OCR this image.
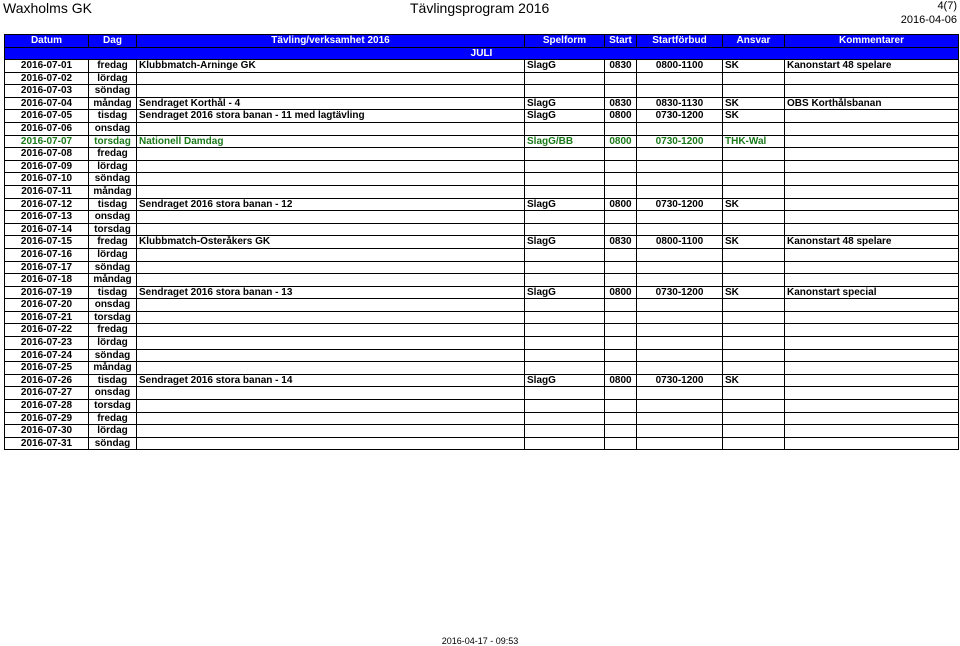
Waxholms GK	Tävlingsprogram 2016	4(7)
2016-04-06
Datum	Dag	Tävling/verksamhet 2016	Spelform	Start	Startförbud	Ansvar	Kommentarer
JULI							
2016-07-01	fredag	Klubbmatch-Arninge GK	SlagG	0830	0800-1100	SK	Kanonstart 48 spelare
2016-07-02	lördag						
2016-07-03	söndag						
2016-07-04	måndag	Sendraget Korthål - 4	SlagG	0830	0830-1130	SK	OBS Korthålsbanan
2016-07-05	tisdag	Sendraget 2016 stora banan - 11 med lagtävling	SlagG	0800	0730-1200	SK	
2016-07-06	onsdag						
2016-07-07	torsdag	Nationell Damdag	SlagG/BB	0800	0730-1200	THK-Wal	
2016-07-08	fredag						
2016-07-09	lördag						
2016-07-10	söndag						
2016-07-11	måndag						
2016-07-12	tisdag	Sendraget 2016 stora banan - 12	SlagG	0800	0730-1200	SK	
2016-07-13	onsdag						
2016-07-14	torsdag						
2016-07-15	fredag	Klubbmatch-Österåkers GK	SlagG	0830	0800-1100	SK	Kanonstart 48 spelare
2016-07-16	lördag						
2016-07-17	söndag						
2016-07-18	måndag						
2016-07-19	tisdag	Sendraget 2016 stora banan - 13	SlagG	0800	0730-1200	SK	Kanonstart special
2016-07-20	onsdag						
2016-07-21	torsdag						
2016-07-22	fredag						
2016-07-23	lördag						
2016-07-24	söndag						
2016-07-25	måndag						
2016-07-26	tisdag	Sendraget 2016 stora banan - 14	SlagG	0800	0730-1200	SK	
2016-07-27	onsdag						
2016-07-28	torsdag						
2016-07-29	fredag						
2016-07-30	lördag						
2016-07-31	söndag						
2016-04-17 - 09:53
